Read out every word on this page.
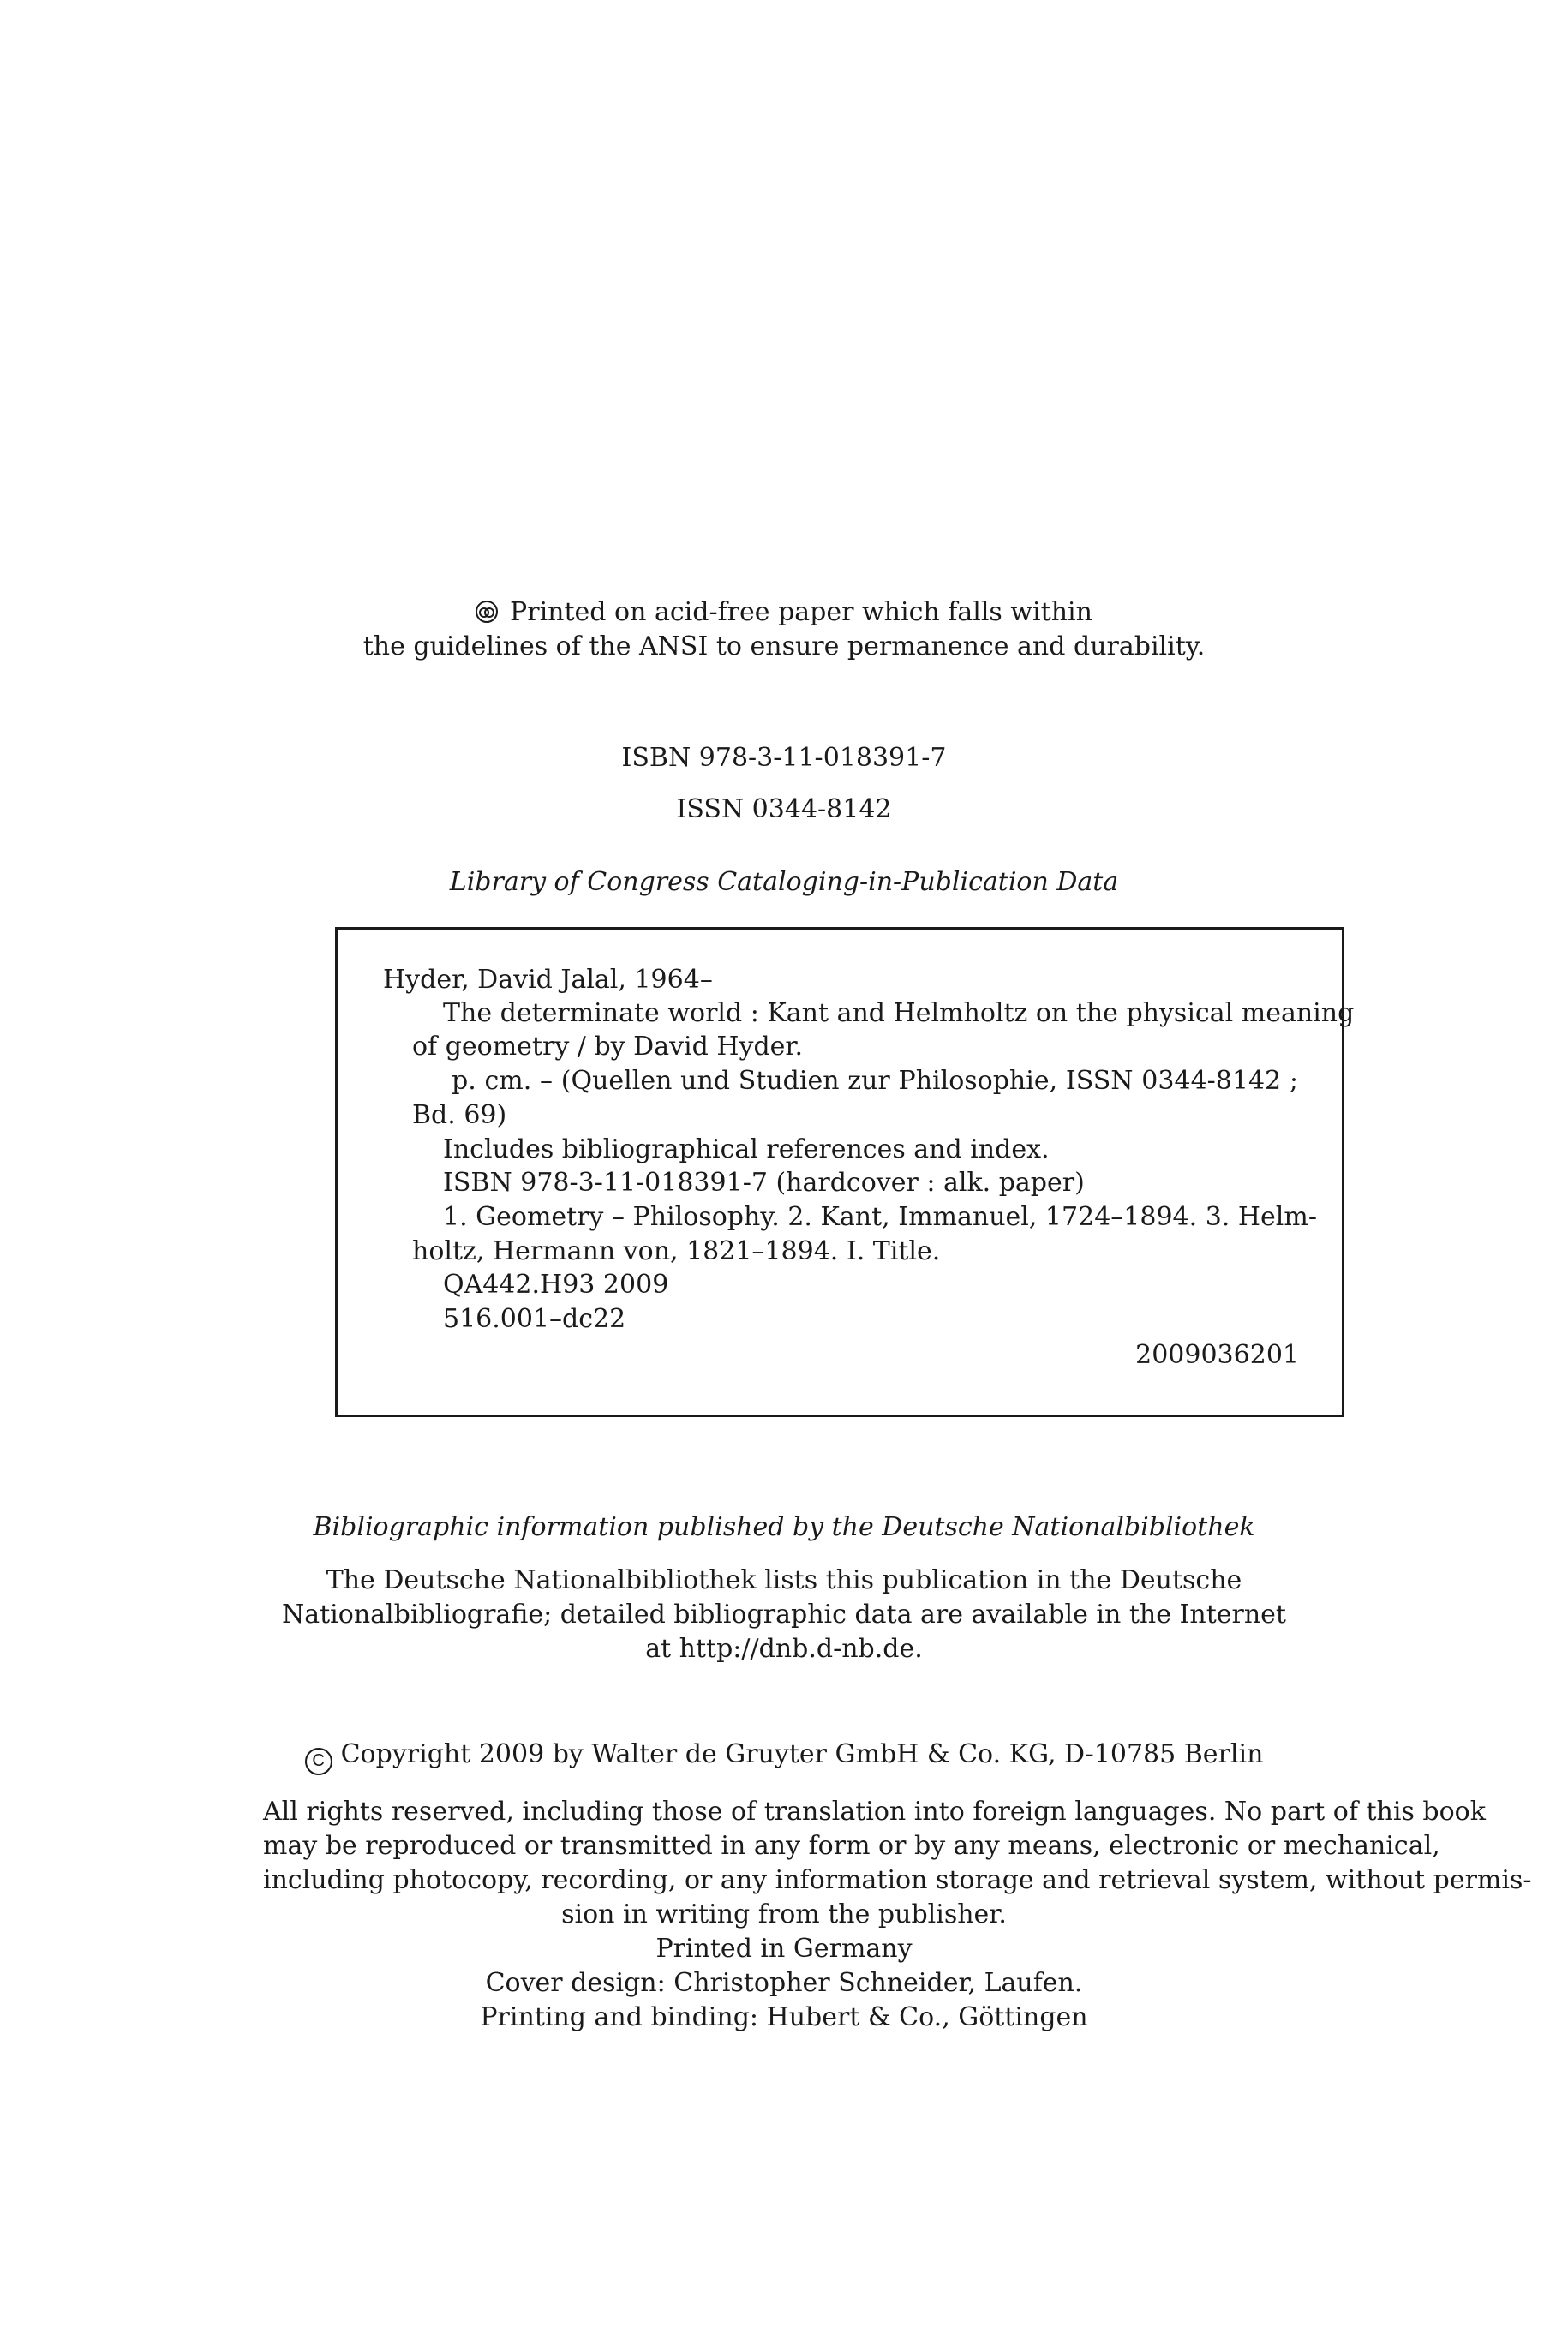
Printed on acid-free paper which falls within
the guidelines of the ANSI to ensure permanence and durability.
ISBN 978-3-11-018391-7
ISSN 0344-8142
Library of Congress Cataloging-in-Publication Data
Hyder, David Jalal, 1964–
The determinate world : Kant and Helmholtz on the physical meaning
of geometry / by David Hyder.
p. cm. – (Quellen und Studien zur Philosophie, ISSN 0344-8142 ;
Bd. 69)
Includes bibliographical references and index.
ISBN 978-3-11-018391-7 (hardcover : alk. paper)
1. Geometry – Philosophy. 2. Kant, Immanuel, 1724–1894. 3. Helm-
holtz, Hermann von, 1821–1894. I. Title.
QA442.H93 2009
516.001–dc22
2009036201
Bibliographic information published by the Deutsche Nationalbibliothek
The Deutsche Nationalbibliothek lists this publication in the Deutsche
Nationalbibliografie; detailed bibliographic data are available in the Internet
at http://dnb.d-nb.de.
C Copyright 2009 by Walter de Gruyter GmbH & Co. KG, D-10785 Berlin
All rights reserved, including those of translation into foreign languages. No part of this book
may be reproduced or transmitted in any form or by any means, electronic or mechanical,
including photocopy, recording, or any information storage and retrieval system, without permis-
sion in writing from the publisher.
Printed in Germany
Cover design: Christopher Schneider, Laufen.
Printing and binding: Hubert & Co., Göttingen
